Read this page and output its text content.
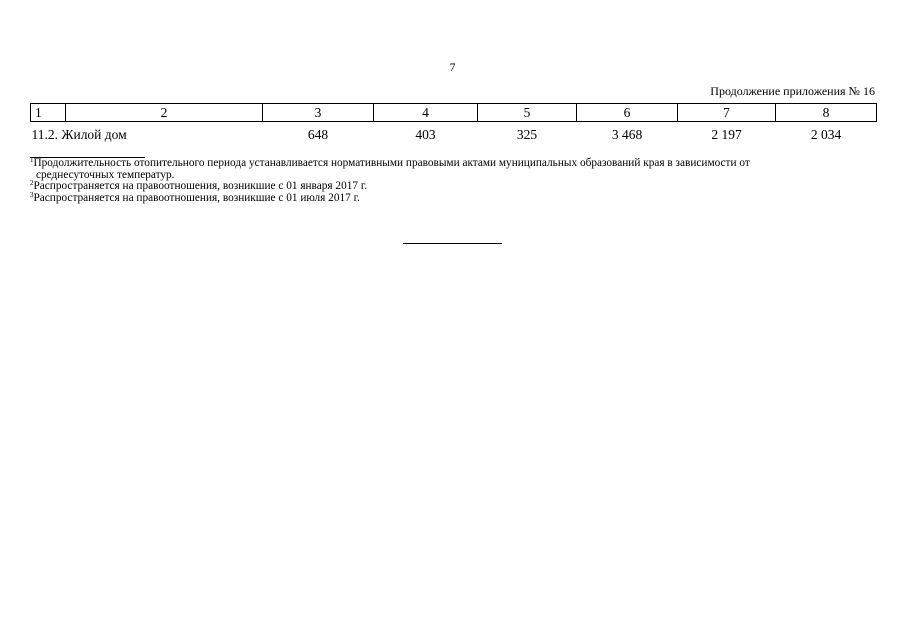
7
Продолжение приложения № 16
1	2	3	4	5	6	7	8
11.2. Жилой дом		648	403	325	3 468	2 197	2 034

$^1$Продолжительность отопительного периода устанавливается нормативными правовыми актами муниципальных образований края в зависимости от
среднесуточных температур.

$^2$Распространяется на правоотношения, возникшие с 01 января 2017 г.

$^3$Распространяется на правоотношения, возникшие с 01 июля 2017 г.
